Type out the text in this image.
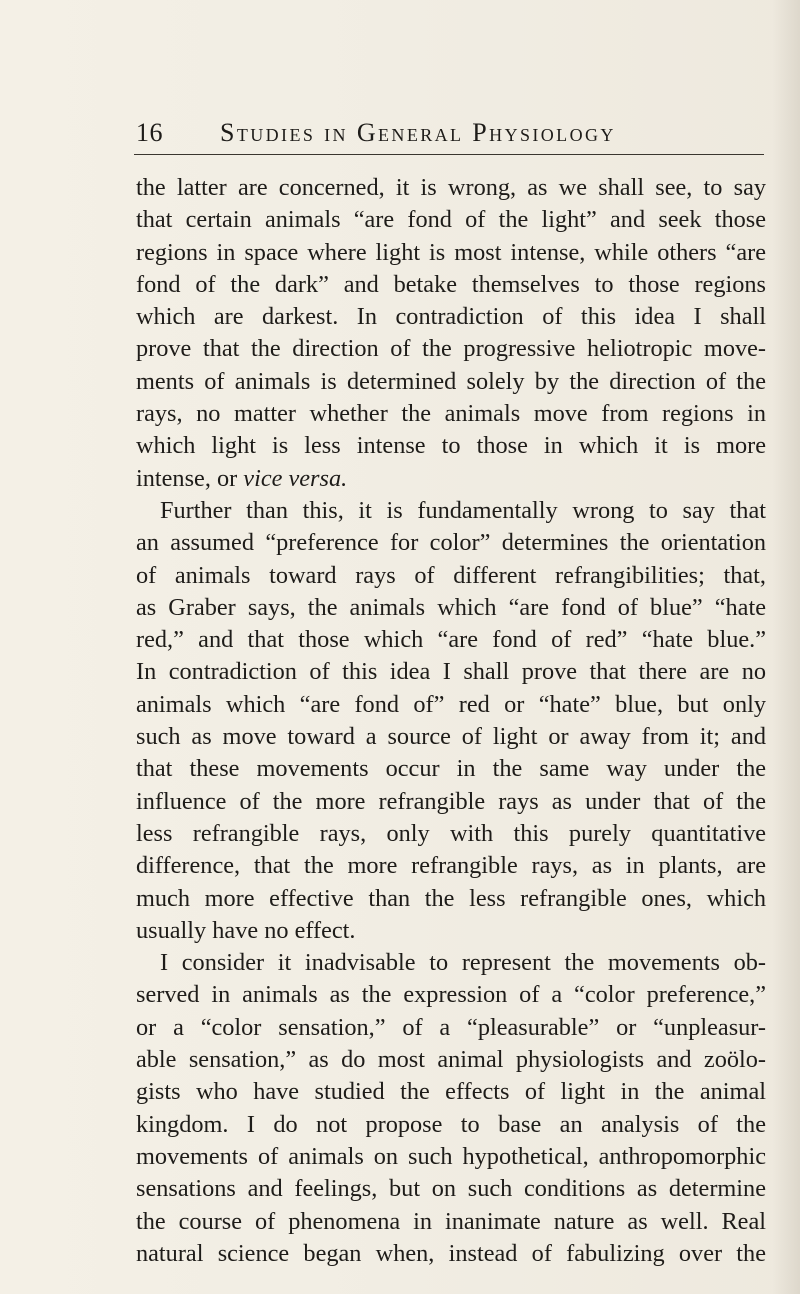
16 Studies in General Physiology
the latter are concerned, it is wrong, as we shall see, to say
that certain animals “are fond of the light” and seek those
regions in space where light is most intense, while others “are
fond of the dark” and betake themselves to those regions
which are darkest. In contradiction of this idea I shall
prove that the direction of the progressive heliotropic move-
ments of animals is determined solely by the direction of the
rays, no matter whether the animals move from regions in
which light is less intense to those in which it is more
intense, or vice versa.
Further than this, it is fundamentally wrong to say that
an assumed “preference for color” determines the orientation
of animals toward rays of different refrangibilities; that,
as Graber says, the animals which “are fond of blue” “hate
red,” and that those which “are fond of red” “hate blue.”
In contradiction of this idea I shall prove that there are no
animals which “are fond of” red or “hate” blue, but only
such as move toward a source of light or away from it; and
that these movements occur in the same way under the
influence of the more refrangible rays as under that of the
less refrangible rays, only with this purely quantitative
difference, that the more refrangible rays, as in plants, are
much more effective than the less refrangible ones, which
usually have no effect.
I consider it inadvisable to represent the movements ob-
served in animals as the expression of a “color preference,”
or a “color sensation,” of a “pleasurable” or “unpleasur-
able sensation,” as do most animal physiologists and zoölo-
gists who have studied the effects of light in the animal
kingdom. I do not propose to base an analysis of the
movements of animals on such hypothetical, anthropomorphic
sensations and feelings, but on such conditions as determine
the course of phenomena in inanimate nature as well. Real
natural science began when, instead of fabulizing over the
